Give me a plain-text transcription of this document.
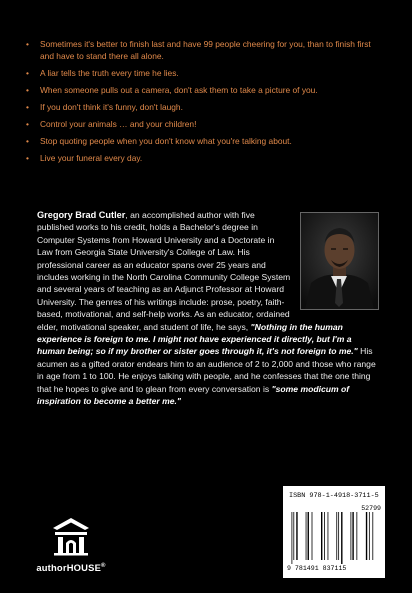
• Sometimes it's better to finish last and have 99 people cheering for you, than to finish first and have to stand there all alone.
• A liar tells the truth every time he lies.
• When someone pulls out a camera, don't ask them to take a picture of you.
• If you don't think it's funny, don't laugh.
• Control your animals … and your children!
• Stop quoting people when you don't know what you're talking about.
• Live your funeral every day.

Gregory Brad Cutler, an accomplished author with five published works to his credit, holds a Bachelor's degree in Computer Systems from Howard University and a Doctorate in Law from Georgia State University's College of Law. His professional career as an educator spans over 25 years and includes working in the North Carolina Community College System and several years of teaching as an Adjunct Professor at Howard University. The genres of his writings include: prose, poetry, faith-based, motivational, and self-help works. As an educator, ordained elder, motivational speaker, and student of life, he says, "Nothing in the human experience is foreign to me. I might not have experienced it directly, but I'm a human being; so if my brother or sister goes through it, it's not foreign to me." His acumen as a gifted orator endears him to an audience of 2 to 2,000 and those who range in age from 1 to 100. He enjoys talking with people, and he confesses that the one thing that he hopes to give and to glean from every conversation is "some modicum of inspiration to become a better me."

authorHOUSE®
ISBN 978-1-4918-3711-5
52799
9 781491 837115
